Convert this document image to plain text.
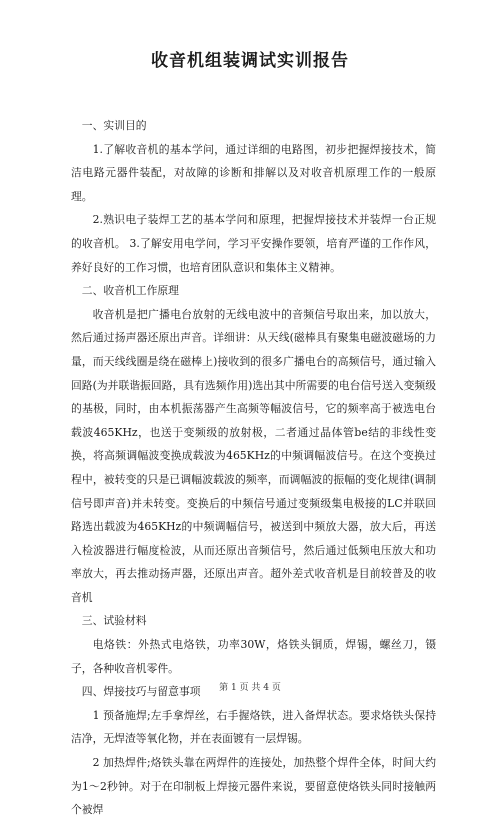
收音机组装调试实训报告

一、实训目的

1.了解收音机的基本学问，通过详细的电路图，初步把握焊接技术，简洁电路元器件装配，对故障的诊断和排解以及对收音机原理工作的一般原理。

2.熟识电子装焊工艺的基本学问和原理，把握焊接技术并装焊一台正规的收音机。 3.了解安用电学问，学习平安操作要领，培育严谨的工作作风，养好良好的工作习惯，也培育团队意识和集体主义精神。

二、收音机工作原理

收音机是把广播电台放射的无线电波中的音频信号取出来，加以放大，然后通过扬声器还原出声音。详细讲：从天线(磁棒具有聚集电磁波磁场的力量，而天线线圈是绕在磁棒上)接收到的很多广播电台的高频信号，通过输入回路(为并联谐振回路，具有选频作用)选出其中所需要的电台信号送入变频级的基极，同时，由本机振荡器产生高频等幅波信号，它的频率高于被选电台载波465KHz，也送于变频级的放射极，二者通过晶体管be结的非线性变换，将高频调幅波变换成载波为465KHz的中频调幅波信号。在这个变换过程中，被转变的只是已调幅波载波的频率，而调幅波的振幅的变化规律(调制信号即声音)并未转变。变换后的中频信号通过变频级集电极接的LC并联回路选出载波为465KHz的中频调幅信号，被送到中频放大器，放大后，再送入检波器进行幅度检波，从而还原出音频信号，然后通过低频电压放大和功率放大，再去推动扬声器，还原出声音。超外差式收音机是目前较普及的收音机

三、试验材料

电烙铁：外热式电烙铁，功率30W，烙铁头铜质，焊锡，螺丝刀，镊子，各种收音机零件。

四、焊接技巧与留意事项

1 预备施焊;左手拿焊丝，右手握烙铁，进入备焊状态。要求烙铁头保持洁净，无焊渣等氧化物，并在表面镀有一层焊锡。

2 加热焊件;烙铁头靠在两焊件的连接处，加热整个焊件全体，时间大约为1～2秒钟。对于在印制板上焊接元器件来说，要留意使烙铁头同时接触两个被焊

第 1 页 共 4 页
